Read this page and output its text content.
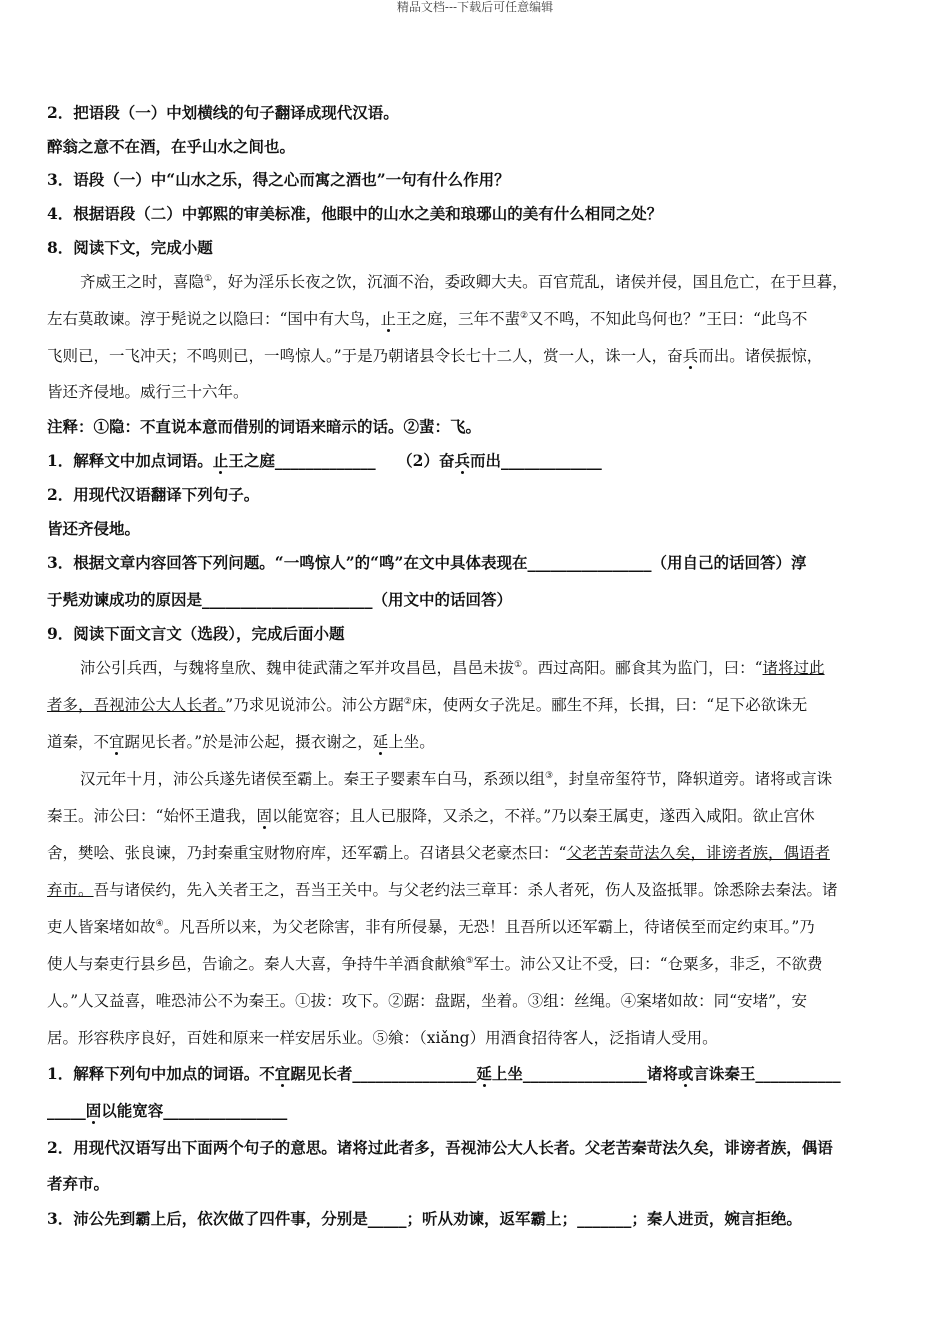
精品文档---下载后可任意编辑
2．把语段（一）中划横线的句子翻译成现代汉语。
醉翁之意不在酒，在乎山水之间也。
3．语段（一）中“山水之乐，得之心而寓之酒也”一句有什么作用？
4．根据语段（二）中郭熙的审美标准，他眼中的山水之美和琅琊山的美有什么相同之处？
8．阅读下文，完成小题
齐威王之时，喜隐①，好为淫乐长夜之饮，沉湎不治，委政卿大夫。百官荒乱，诸侯并侵，国且危亡，在于旦暮，
左右莫敢谏。淳于髡说之以隐曰：“国中有大鸟，止王之庭，三年不蜚②又不鸣，不知此鸟何也？”王曰：“此鸟不
飞则已，一飞冲天；不鸣则已，一鸣惊人。”于是乃朝诸县令长七十二人，赏一人，诛一人，奋兵而出。诸侯振惊，
皆还齐侵地。威行三十六年。
注释：①隐：不直说本意而借别的词语来暗示的话。②蜚：飞。
1．解释文中加点词语。止王之庭_____________ （2）奋兵而出_____________
2．用现代汉语翻译下列句子。
皆还齐侵地。
3．根据文章内容回答下列问题。“一鸣惊人”的“鸣”在文中具体表现在________________（用自己的话回答）淳
于髡劝谏成功的原因是______________________（用文中的话回答）
9．阅读下面文言文（选段），完成后面小题
沛公引兵西，与魏将皇欣、魏申徒武蒲之军并攻昌邑，昌邑未拔①。西过高阳。郦食其为监门，曰：“诸将过此
者多，吾视沛公大人长者。”乃求见说沛公。沛公方踞②床，使两女子洗足。郦生不拜，长揖，曰：“足下必欲诛无
道秦，不宜踞见长者。”於是沛公起，摄衣谢之，延上坐。
汉元年十月，沛公兵遂先诸侯至霸上。秦王子婴素车白马，系颈以组③，封皇帝玺符节，降轵道旁。诸将或言诛
秦王。沛公曰：“始怀王遣我，固以能宽容；且人已服降，又杀之，不祥。”乃以秦王属吏，遂西入咸阳。欲止宫休
舍，樊哙、张良谏，乃封秦重宝财物府库，还军霸上。召诸县父老豪杰曰：“父老苦秦苛法久矣，诽谤者族，偶语者
弃市。吾与诸侯约，先入关者王之，吾当王关中。与父老约法三章耳：杀人者死，伤人及盗抵罪。馀悉除去秦法。诸
吏人皆案堵如故④。凡吾所以来，为父老除害，非有所侵暴，无恐！且吾所以还军霸上，待诸侯至而定约束耳。”乃
使人与秦吏行县乡邑，告谕之。秦人大喜，争持牛羊酒食献飨⑤军士。沛公又让不受，曰：“仓粟多，非乏，不欲费
人。”人又益喜，唯恐沛公不为秦王。①拔：攻下。②踞：盘踞，坐着。③组：丝绳。④案堵如故：同“安堵”，安
居。形容秩序良好，百姓和原来一样安居乐业。⑤飨：（xiǎng）用酒食招待客人，泛指请人受用。
1．解释下列句中加点的词语。不宜踞见长者________________延上坐________________诸将或言诛秦王___________
_____固以能宽容________________
2．用现代汉语写出下面两个句子的意思。诸将过此者多，吾视沛公大人长者。父老苦秦苛法久矣，诽谤者族，偶语
者弃市。
3．沛公先到霸上后，依次做了四件事，分别是_____；听从劝谏，返军霸上；_______；秦人进贡，婉言拒绝。
